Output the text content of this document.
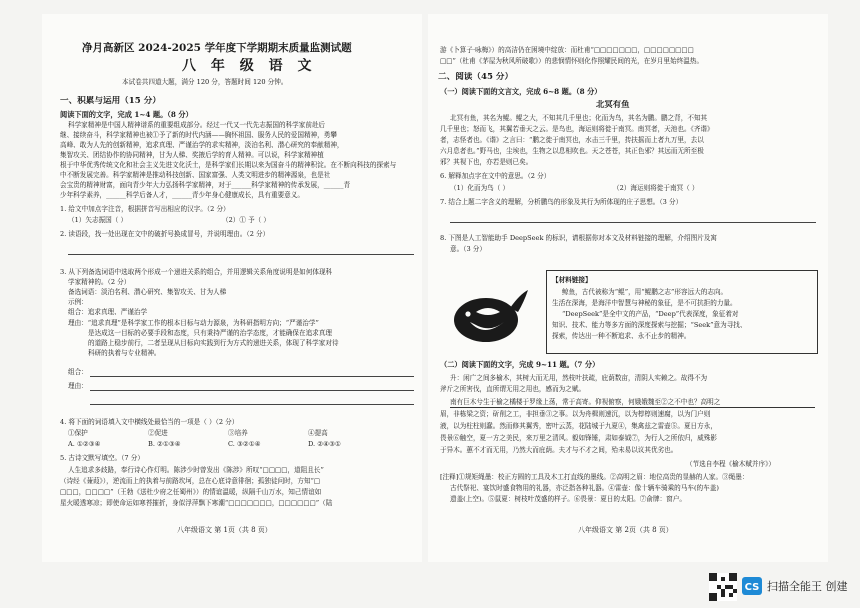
净月高新区 2024-2025 学年度下学期期末质量监测试题
八 年 级 语 文
本试卷共四道大题，满分 120 分，答题时间 120 分钟。
一、积累与运用（15 分）
阅读下面的文字，完成 1~4 题。（8 分）
科学家精神是中国人精神谱系的重要组成部分。经过一代又一代先志振国的科学家前赴后
继、接续奋斗，科学家精神也被①予了新的时代内涵——胸怀祖国、服务人民的爱国精神，勇攀
高峰、敢为人先的创新精神，追求真理、严谨治学的求实精神，淡泊名利、潜心研究的奉献精神，
集智攻关、团结协作的协同精神，甘为人梯、奖掖后学的育人精神。可以说，科学家精神植
根于中华优秀传统文化和社会主义先进文化沃土，是科学家们长期以来为国奋斗的精神积淀。在不断向科技的探索与
中不断发展完善。科学家精神是推动科技创新、国家富强、人类文明进步的精神源泉，也是社
会宝贵的精神财富，面向青少年大力弘扬科学家精神，对于______科学家精神的传承发展，______青
少年科学素养，______科学后备人才，______青少年身心健康成长，具有重要意义。
1. 给文中加点字注音，根据拼音写出相应的汉字。（2 分）
（1）矢志振国（ ）	（2）① 予（ ）
2. 读语段，找一处出现在文中的破折号换成冒号，并说明理由。（2 分）
3. 从下列备选词语中选取两个形成一个递进关系的组合，并用逻辑关系角度说明是如何体现科
学家精神的。（2 分）
备选词语：淡泊名利、潜心研究、集智攻关、甘为人梯
示例：
组合：追求真理、严谨治学
理由：“追求真理”是科学家工作的根本目标与动力源泉，为科研指明方向；“严谨治学”
是达成这一目标的必要手段和态度，只有秉持严谨的治学态度，才能确保在追求真理
的道路上稳步前行，二者呈现从目标向实践到行为方式的递进关系，体现了科学家对待
科研的执着与专业精神。
组合：
理由：
4. 将下面的词语填入文中横线处最恰当的一项是（ ）（2 分）
①保护	②促进	③培养	④提高
A. ①②③④	B. ②①③④	C. ③②①④	D. ②④③①
5. 古诗文默写填空。（7 分）
人生追求多歧路，奉行诗心作灯明。陈涉少时曾发出《陈涉》所叹“□□□□，道阻且长”
（诗经《蒹葭》），逆流而上的执着与前路坎坷，总在心底诗意徘徊；孤独徒问时，方知“□
□□□，□□□□”（王勃《送杜少府之任蜀州》）的情谊温暖，纵隔千山万水，知己情谊如
星火暖透寒凉；即使命运如寒苔摧折，身似浮萍飘下寒潮“□□□□□□□，□□□□□□”（陆
八年级语文 第 1页（共 8 页）
游《卜算子·咏梅》）的高洁仍在困境中绽放：而杜甫“□□□□□□□，□□□□□□□□
□□”（杜甫《茅屋为秋风所破歌》）的悲悯情怀则化作照耀民间的光，在岁月里始终温热。
二、阅读（45 分）
（一）阅读下面的文言文，完成 6~8 题。（8 分）
北冥有鱼
北冥有鱼，其名为鲲。鲲之大，不知其几千里也；化而为鸟，其名为鹏。鹏之背，不知其
几千里也；怒而飞，其翼若垂天之云。是鸟也，海运则将徙于南冥。南冥者，天池也。《齐谐》
者，志怪者也。《谐》之言曰：“鹏之徙于南冥也，水击三千里，抟扶摇而上者九万里，去以
六月息者也。”野马也，尘埃也，生物之以息相吹也。天之苍苍，其正色邪？其远而无所至极
邪？其视下也，亦若是则已矣。
6. 解释加点字在文中的意思。（2 分）
（1）化而为鸟（ ）	（2）海运则将徙于南冥（ ）
7. 结合上题二字含义的理解，分析鹏鸟的形象及其行为所体现的庄子思想。（3 分）
8. 下图是人工智能助手 DeepSeek 的标识，请根据你对本文及材料链接的理解，介绍图片及寓
意。（3 分）
【材料链接】
鲸鱼，古代被称为“鲲”，用“鲲鹏之志”形容远大的志向。
生活在深海，是海洋中智慧与神秘的象征，是不可抗拒的力量。
“DeepSeek”是全中文的产品，“Deep”代表深度，象征着对
知识、技术、能力等多方面的深度探索与挖掘；“Seek”意为寻找、
探索，传达出一种不断追求、永不止步的精神。
（二）阅读下面的文字，完成 9~11 题。（7 分）
升：闲广之间多榆木，其树大而无用，然枝叶扶疏，庇荫数亩，清阴人实赖之。故得不为
斧斤之所害伐，直所谓无用之用也，感而为之赋。
南有巨木兮生于榆之橘楼于罗缘上荡，常于高寄。仰视俯察，何娥娥魏至②之不中也？高明之
眉，非栋梁之资；斫削之工，非担垂③之事。以为舟楫则速沉，以为椁椁则速腐，以为门户则
液，以为柱柱则蠢。然而修其翼秀，密叶云蒸，花陆城于九夏④，集禽兹之雷壶⑤。夏日方永，
畏景⑥触空，夏一方之美民，来万里之清风。毅如锋锤，肃如泰钺⑦，为行人之所依归，威殊影
于异木。蕙不才而无用，乃然大而庇荫。夫才与不才之间，殆未易以议其优劣也。
（节选自李程《榆木赋并序》）
[注释]①规矩绳墨：校正方圆的工具及木工打直线的墨线。②高明之眉：地位高贵的显赫的人家。③绳墨：
古代祭祀、宴饮时盛食物用的礼器，亦泛指各种礼器。④雷壶：像十辆车骑乘的马车(的车盖)
遗盖(上空)。⑤鼠夏：树枝叶茂盛的样子。⑥畏景：夏日的太阳。⑦俞牌：窗户。
八年级语文 第 2页（共 8 页）
CS 扫描全能王 创建
